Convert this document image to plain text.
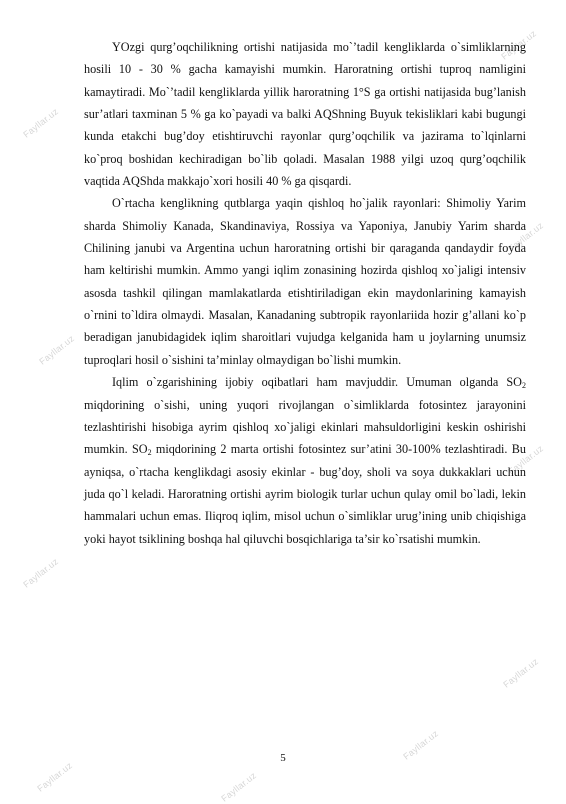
Fayllar.uz
Fayllar.uz
Fayllar.uz
Fayllar.uz
Fayllar.uz
Fayllar.uz
Fayllar.uz
Fayllar.uz	Fayllar.uz
Fayllar.uz

YOzgi qurg’oqchilikning ortishi natijasida mo`’tadil kengliklarda o`simliklarning hosili 10 - 30 % gacha kamayishi mumkin. Haroratning ortishi tuproq namligini kamaytiradi. Mo`’tadil kengliklarda yillik haroratning 1°S ga ortishi natijasida bug’lanish sur’atlari taxminan 5 % ga ko`payadi va balki AQShning Buyuk tekisliklari kabi bugungi kunda etakchi bug’doy etishtiruvchi rayonlar qurg’oqchilik va jazirama to`lqinlarni ko`proq boshidan kechiradigan bo`lib qoladi. Masalan 1988 yilgi uzoq qurg’oqchilik vaqtida AQShda makkajo`xori hosili 40 % ga qisqardi.

O`rtacha kenglikning qutblarga yaqin qishloq ho`jalik rayonlari: Shimoliy Yarim sharda Shimoliy Kanada, Skandinaviya, Rossiya va Yaponiya, Janubiy Yarim sharda Chilining janubi va Argentina uchun haroratning ortishi bir qaraganda qandaydir foyda ham keltirishi mumkin. Ammo yangi iqlim zonasining hozirda qishloq xo`jaligi intensiv asosda tashkil qilingan mamlakatlarda etishtiriladigan ekin maydonlarining kamayish o`rnini to`ldira olmaydi. Masalan, Kanadaning subtropik rayonlariida hozir g’allani ko`p beradigan janubidagidek iqlim sharoitlari vujudga kelganida ham u joylarning unumsiz tuproqlari hosil o`sishini ta’minlay olmaydigan bo`lishi mumkin.

Iqlim o`zgarishining ijobiy oqibatlari ham mavjuddir. Umuman olganda $SO_2$ miqdorining o`sishi, uning yuqori rivojlangan o`simliklarda fotosintez jarayonini tezlashtirishi hisobiga ayrim qishloq xo`jaligi ekinlari mahsuldorligini keskin oshirishi mumkin. $SO_2$ miqdorining 2 marta ortishi fotosintez sur’atini 30-100% tezlashtiradi. Bu ayniqsa, o`rtacha kenglikdagi asosiy ekinlar - bug’doy, sholi va soya dukkaklari uchun juda qo`l keladi. Haroratning ortishi ayrim biologik turlar uchun qulay omil bo`ladi, lekin hammalari uchun emas. Iliqroq iqlim, misol uchun o`simliklar urug’ining unib chiqishiga yoki hayot tsiklining boshqa hal qiluvchi bosqichlariga ta’sir ko`rsatishi mumkin.

5
